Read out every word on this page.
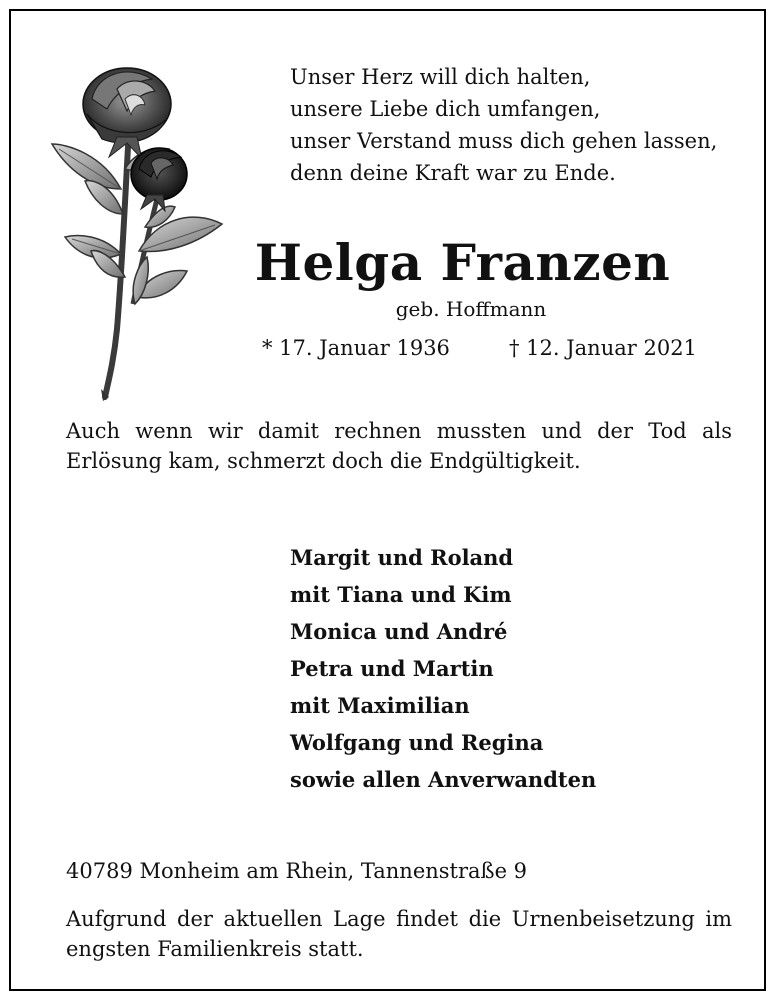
Unser Herz will dich halten,
unsere Liebe dich umfangen,
unser Verstand muss dich gehen lassen,
denn deine Kraft war zu Ende.
Helga Franzen
geb. Hoffmann
* 17. Januar 1936	† 12. Januar 2021
Auch wenn wir damit rechnen mussten und der Tod als Erlösung kam, schmerzt doch die Endgültigkeit.
Margit und Roland
mit Tiana und Kim
Monica und André
Petra und Martin
mit Maximilian
Wolfgang und Regina
sowie allen Anverwandten
40789 Monheim am Rhein, Tannenstraße 9
Aufgrund der aktuellen Lage findet die Urnenbeisetzung im engsten Familienkreis statt.
